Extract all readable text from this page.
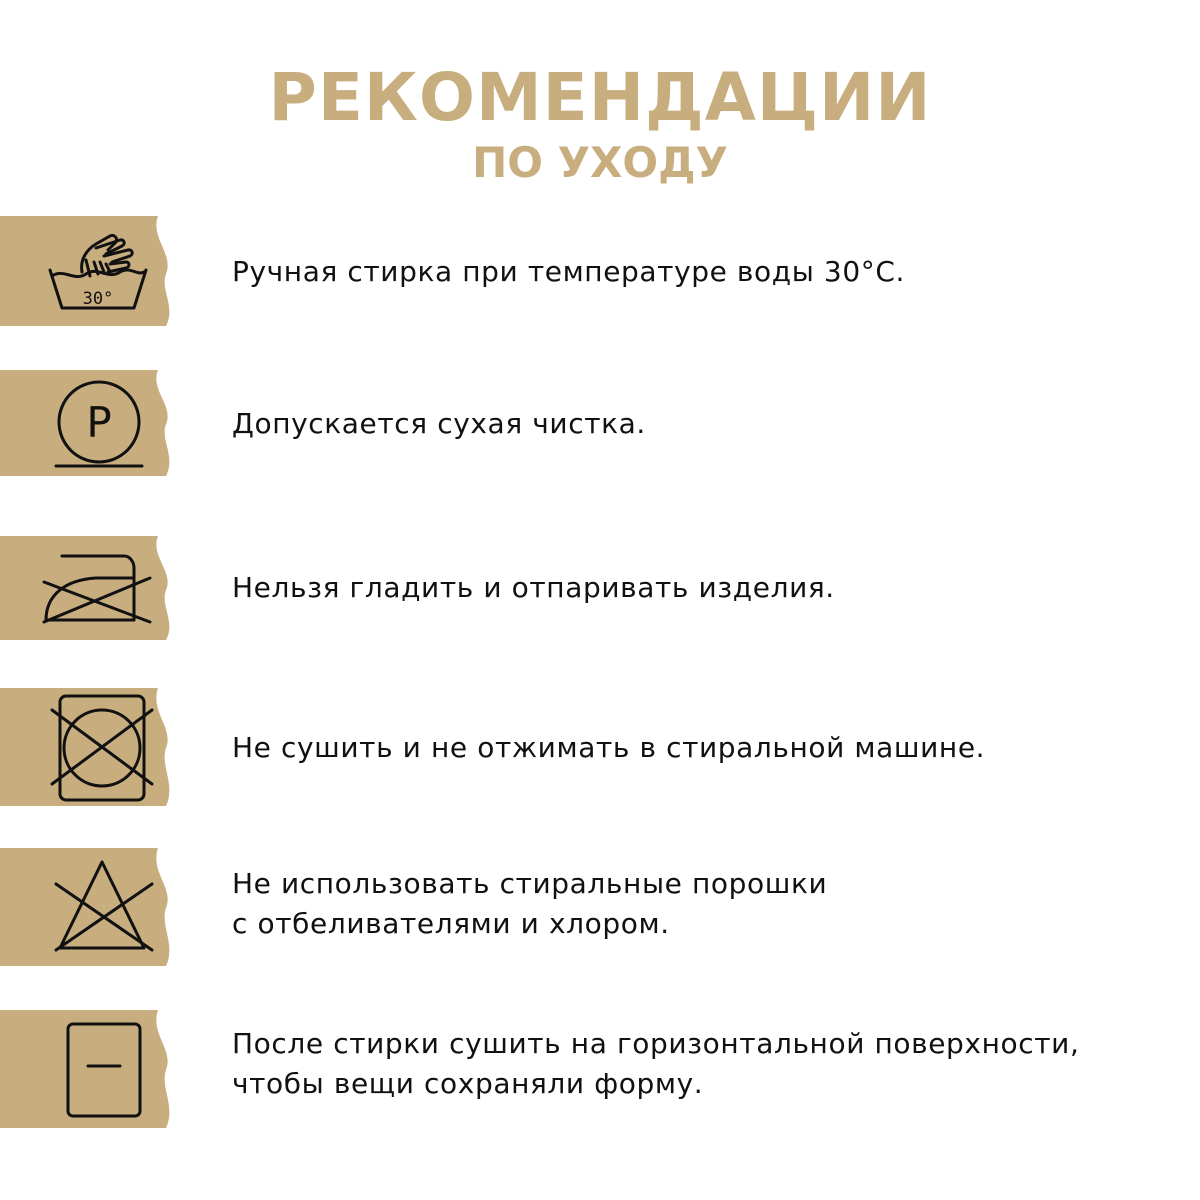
РЕКОМЕНДАЦИИ
ПО УХОДУ
30°
Ручная стирка при температуре воды 30°С.
P	Допускается сухая чистка.
Нельзя гладить и отпаривать изделия.
Не сушить и не отжимать в стиральной машине.
Не использовать стиральные порошки
с отбеливателями и хлором.
После стирки сушить на горизонтальной поверхности,
чтобы вещи сохраняли форму.
